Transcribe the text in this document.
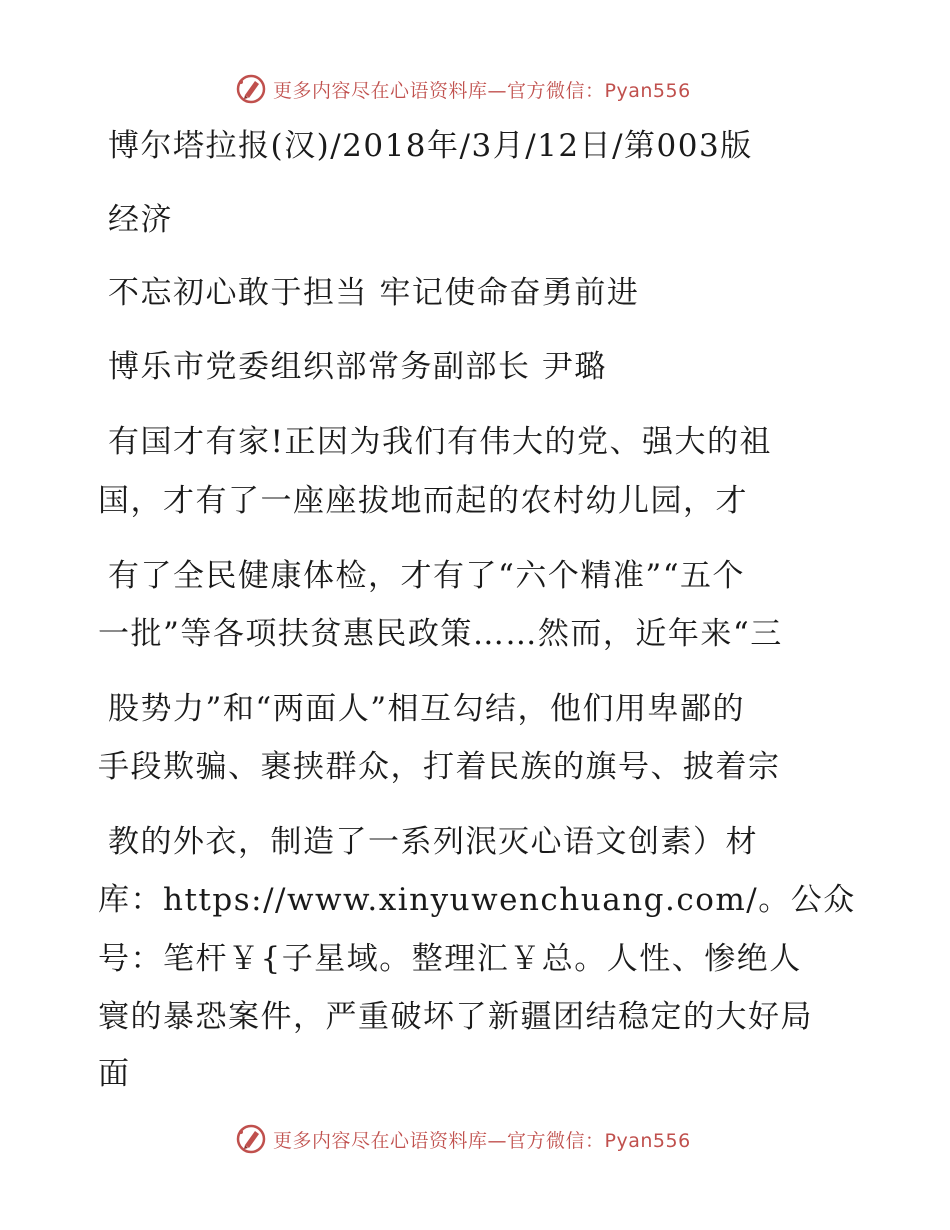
更多内容尽在心语资料库—官方微信：Pyan556
博尔塔拉报(汉)/2018年/3月/12日/第003版
经济
不忘初心敢于担当 牢记使命奋勇前进
博乐市党委组织部常务副部长 尹璐
有国才有家!正因为我们有伟大的党、强大的祖
国，才有了一座座拔地而起的农村幼儿园，才
有了全民健康体检，才有了“六个精准”“五个
一批”等各项扶贫惠民政策……然而，近年来“三
股势力”和“两面人”相互勾结，他们用卑鄙的
手段欺骗、裹挟群众，打着民族的旗号、披着宗
教的外衣，制造了一系列泯灭心语文创素）材
库：https://www.xinyuwenchuang.com/。公众
号：笔杆￥{子星域。整理汇￥总。人性、惨绝人
寰的暴恐案件，严重破坏了新疆团结稳定的大好局
面
更多内容尽在心语资料库—官方微信：Pyan556
